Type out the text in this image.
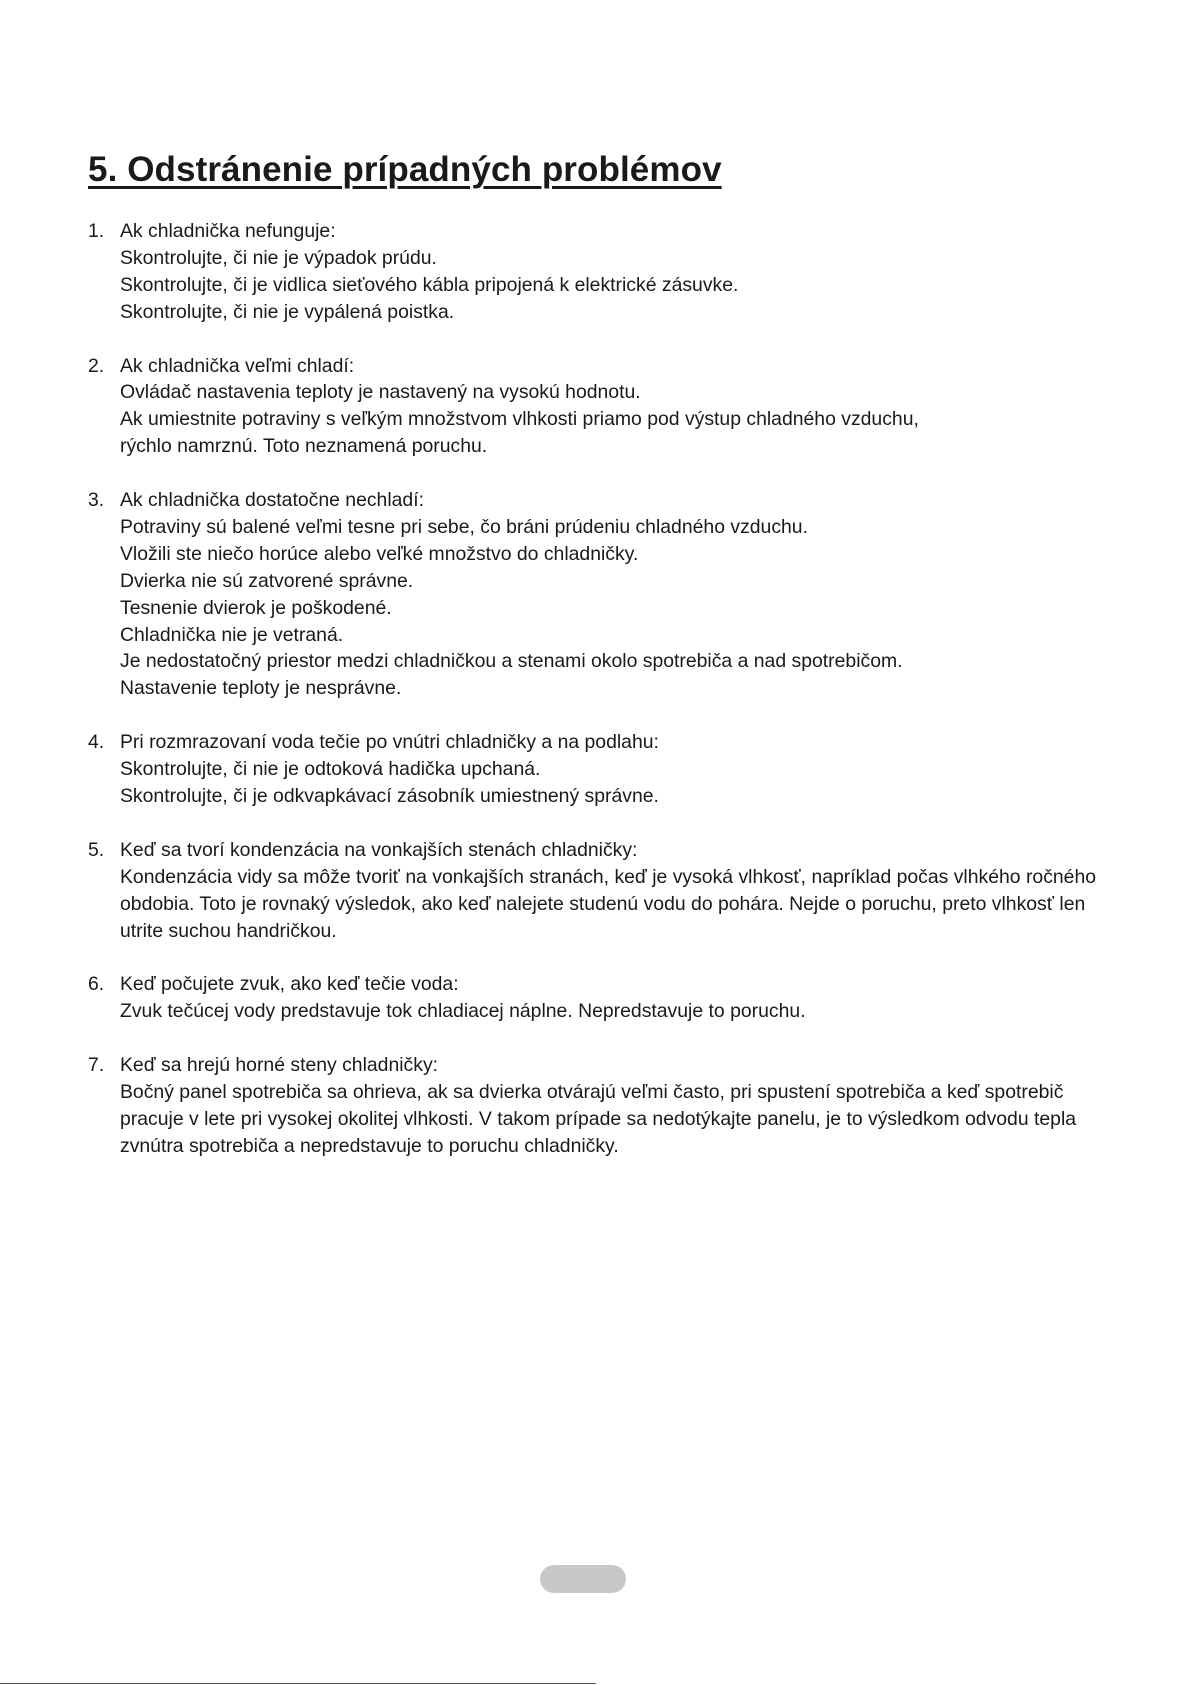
5. Odstránenie prípadných problémov
1. Ak chladnička nefunguje:
Skontrolujte, či nie je výpadok prúdu.
Skontrolujte, či je vidlica sieťového kábla pripojená k elektrické zásuvke.
Skontrolujte, či nie je vypálená poistka.
2. Ak chladnička veľmi chladí:
Ovládač nastavenia teploty je nastavený na vysokú hodnotu.
Ak umiestnite potraviny s veľkým množstvom vlhkosti priamo pod výstup chladného vzduchu,
rýchlo namrznú. Toto neznamená poruchu.
3. Ak chladnička dostatočne nechladí:
Potraviny sú balené veľmi tesne pri sebe, čo bráni prúdeniu chladného vzduchu.
Vložili ste niečo horúce alebo veľké množstvo do chladničky.
Dvierka nie sú zatvorené správne.
Tesnenie dvierok je poškodené.
Chladnička nie je vetraná.
Je nedostatočný priestor medzi chladničkou a stenami okolo spotrebiča a nad spotrebičom.
Nastavenie teploty je nesprávne.
4. Pri rozmrazovaní voda tečie po vnútri chladničky a na podlahu:
Skontrolujte, či nie je odtoková hadička upchaná.
Skontrolujte, či je odkvapkávací zásobník umiestnený správne.
5. Keď sa tvorí kondenzácia na vonkajších stenách chladničky:
Kondenzácia vidy sa môže tvoriť na vonkajších stranách, keď je vysoká vlhkosť, napríklad počas vlhkého ročného obdobia. Toto je rovnaký výsledok, ako keď nalejete studenú vodu do pohára. Nejde o poruchu, preto vlhkosť len utrite suchou handričkou.
6. Keď počujete zvuk, ako keď tečie voda:
Zvuk tečúcej vody predstavuje tok chladiacej náplne. Nepredstavuje to poruchu.
7. Keď sa hrejú horné steny chladničky:
Bočný panel spotrebiča sa ohrieva, ak sa dvierka otvárajú veľmi často, pri spustení spotrebiča a keď spotrebič pracuje v lete pri vysokej okolitej vlhkosti. V takom prípade sa nedotýkajte panelu, je to výsledkom odvodu tepla zvnútra spotrebiča a nepredstavuje to poruchu chladničky.
